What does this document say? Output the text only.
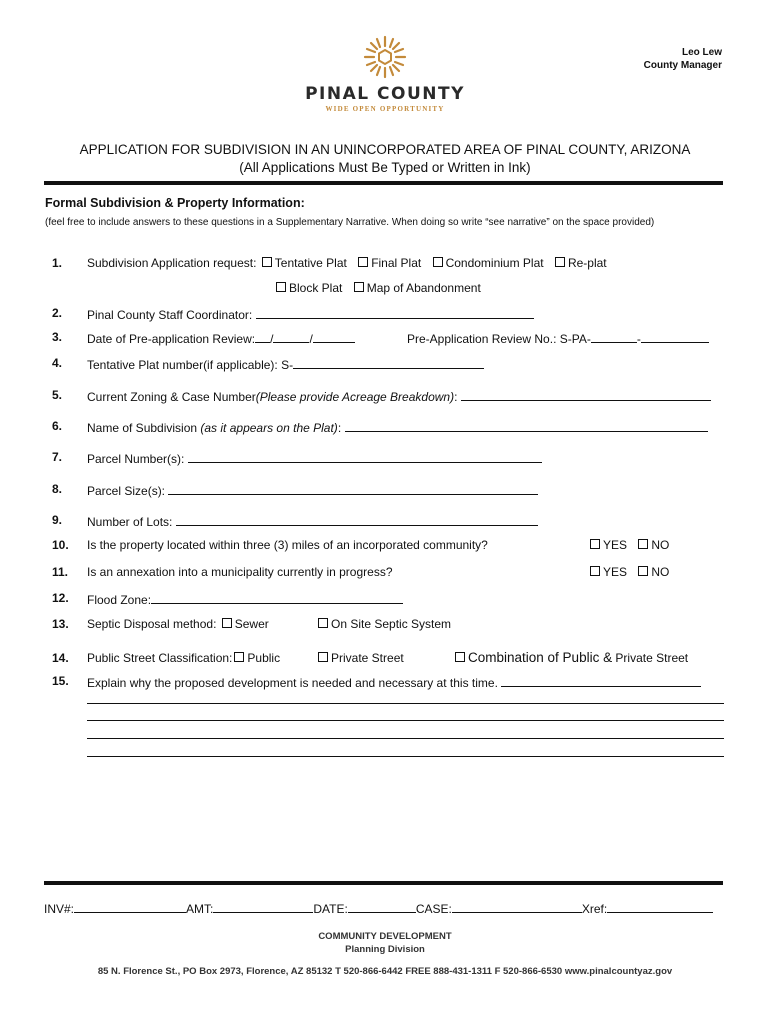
Leo Lew
County Manager
PINAL COUNTY
WIDE OPEN OPPORTUNITY
APPLICATION FOR SUBDIVISION IN AN UNINCORPORATED AREA OF PINAL COUNTY, ARIZONA
(All Applications Must Be Typed or Written in Ink)
Formal Subdivision & Property Information:
(feel free to include answers to these questions in a Supplementary Narrative. When doing so write “see narrative” on the space provided)
1. Subdivision Application request: Tentative Plat Final Plat Condominium Plat Re-plat
Block Plat Map of Abandonment
2. Pinal County Staff Coordinator:
3. Date of Pre-application Review: /	/	Pre-Application Review No.: S-PA-	-
4. Tentative Plat number(if applicable): S-
5. Current Zoning & Case Number(Please provide Acreage Breakdown):
6. Name of Subdivision (as it appears on the Plat):
7. Parcel Number(s):
8. Parcel Size(s):
9. Number of Lots:
10. Is the property located within three (3) miles of an incorporated community?	YES NO
11. Is an annexation into a municipality currently in progress?	YES NO
12. Flood Zone:
13. Septic Disposal method: Sewer	On Site Septic System
14. Public Street Classification: Public	Private Street	Combination of Public & Private Street
15. Explain why the proposed development is needed and necessary at this time.
INV#:	AMT:	DATE:	CASE:	Xref:
COMMUNITY DEVELOPMENT
Planning Division
85 N. Florence St., PO Box 2973, Florence, AZ 85132 T 520-866-6442 FREE 888-431-1311 F 520-866-6530 www.pinalcountyaz.gov
